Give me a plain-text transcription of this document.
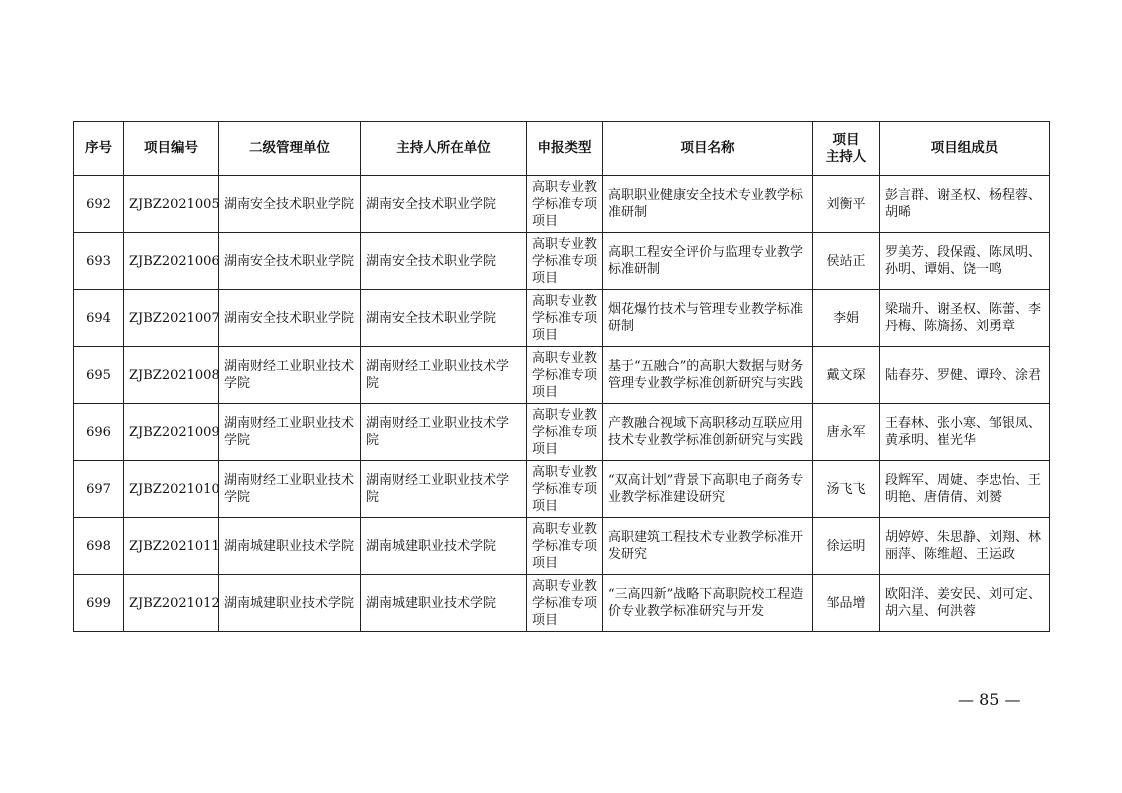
序号	项目编号	二级管理单位	主持人所在单位	申报类型	项目名称	项目
主持人	项目组成员
692	ZJBZ2021005	湖南安全技术职业学院	湖南安全技术职业学院	高职专业教学标准专项项目	高职职业健康安全技术专业教学标准研制	刘衡平	彭言群、谢圣权、杨程蓉、胡晞
693	ZJBZ2021006	湖南安全技术职业学院	湖南安全技术职业学院	高职专业教学标准专项项目	高职工程安全评价与监理专业教学标准研制	侯站正	罗美芳、段保霞、陈凤明、孙明、谭娟、饶一鸣
694	ZJBZ2021007	湖南安全技术职业学院	湖南安全技术职业学院	高职专业教学标准专项项目	烟花爆竹技术与管理专业教学标准研制	李娟	梁瑞升、谢圣权、陈蕾、李丹梅、陈旖扬、刘勇章
695	ZJBZ2021008	湖南财经工业职业技术学院	湖南财经工业职业技术学院	高职专业教学标准专项项目	基于“五融合”的高职大数据与财务管理专业教学标准创新研究与实践	戴文琛	陆春芬、罗健、谭玲、涂君
696	ZJBZ2021009	湖南财经工业职业技术学院	湖南财经工业职业技术学院	高职专业教学标准专项项目	产教融合视域下高职移动互联应用技术专业教学标准创新研究与实践	唐永军	王春林、张小寒、邹银凤、黄承明、崔光华
697	ZJBZ2021010	湖南财经工业职业技术学院	湖南财经工业职业技术学院	高职专业教学标准专项项目	“双高计划”背景下高职电子商务专业教学标准建设研究	汤飞飞	段辉军、周婕、李忠怡、王明艳、唐倩倩、刘赟
698	ZJBZ2021011	湖南城建职业技术学院	湖南城建职业技术学院	高职专业教学标准专项项目	高职建筑工程技术专业教学标准开发研究	徐运明	胡婷婷、朱思静、刘翔、林丽萍、陈维超、王运政
699	ZJBZ2021012	湖南城建职业技术学院	湖南城建职业技术学院	高职专业教学标准专项项目	“三高四新”战略下高职院校工程造价专业教学标准研究与开发	邹品增	欧阳洋、姜安民、刘可定、胡六星、何洪蓉
— 85 —
